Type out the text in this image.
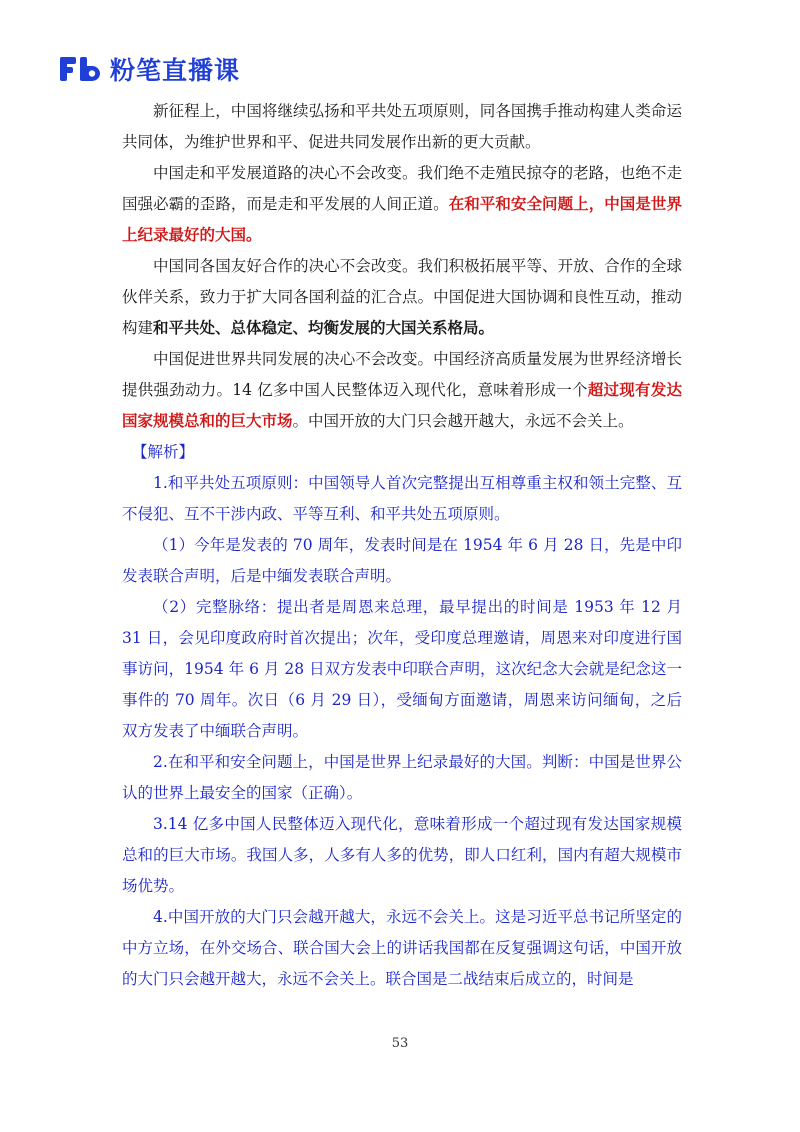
粉笔直播课

新征程上，中国将继续弘扬和平共处五项原则，同各国携手推动构建人类命运共同体，为维护世界和平、促进共同发展作出新的更大贡献。

中国走和平发展道路的决心不会改变。我们绝不走殖民掠夺的老路，也绝不走国强必霸的歪路，而是走和平发展的人间正道。在和平和安全问题上，中国是世界上纪录最好的大国。

中国同各国友好合作的决心不会改变。我们积极拓展平等、开放、合作的全球伙伴关系，致力于扩大同各国利益的汇合点。中国促进大国协调和良性互动，推动构建和平共处、总体稳定、均衡发展的大国关系格局。

中国促进世界共同发展的决心不会改变。中国经济高质量发展为世界经济增长提供强劲动力。14 亿多中国人民整体迈入现代化，意味着形成一个超过现有发达国家规模总和的巨大市场。中国开放的大门只会越开越大，永远不会关上。

【解析】

1.和平共处五项原则：中国领导人首次完整提出互相尊重主权和领土完整、互不侵犯、互不干涉内政、平等互利、和平共处五项原则。

（1）今年是发表的 70 周年，发表时间是在 1954 年 6 月 28 日，先是中印发表联合声明，后是中缅发表联合声明。

（2）完整脉络：提出者是周恩来总理，最早提出的时间是 1953 年 12 月 31 日，会见印度政府时首次提出；次年，受印度总理邀请，周恩来对印度进行国事访问，1954 年 6 月 28 日双方发表中印联合声明，这次纪念大会就是纪念这一事件的 70 周年。次日（6 月 29 日），受缅甸方面邀请，周恩来访问缅甸，之后双方发表了中缅联合声明。

2.在和平和安全问题上，中国是世界上纪录最好的大国。判断：中国是世界公认的世界上最安全的国家（正确）。

3.14 亿多中国人民整体迈入现代化，意味着形成一个超过现有发达国家规模总和的巨大市场。我国人多，人多有人多的优势，即人口红利，国内有超大规模市场优势。

4.中国开放的大门只会越开越大，永远不会关上。这是习近平总书记所坚定的中方立场，在外交场合、联合国大会上的讲话我国都在反复强调这句话，中国开放的大门只会越开越大，永远不会关上。联合国是二战结束后成立的，时间是

53
